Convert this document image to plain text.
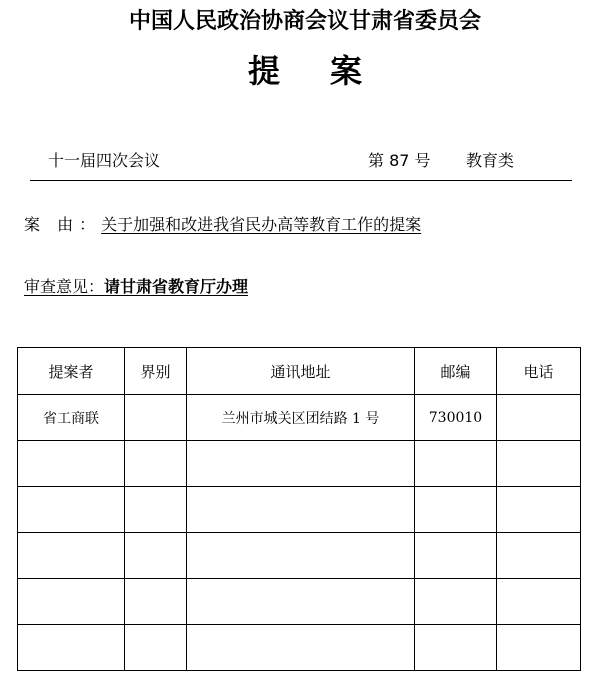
中国人民政治协商会议甘肃省委员会
提案
十一届四次会议	第 87 号 教育类
案 由：关于加强和改进我省民办高等教育工作的提案
审查意见：请甘肃省教育厅办理
提案者	界别	通讯地址	邮编	电话
省工商联		兰州市城关区团结路 1 号	730010	
